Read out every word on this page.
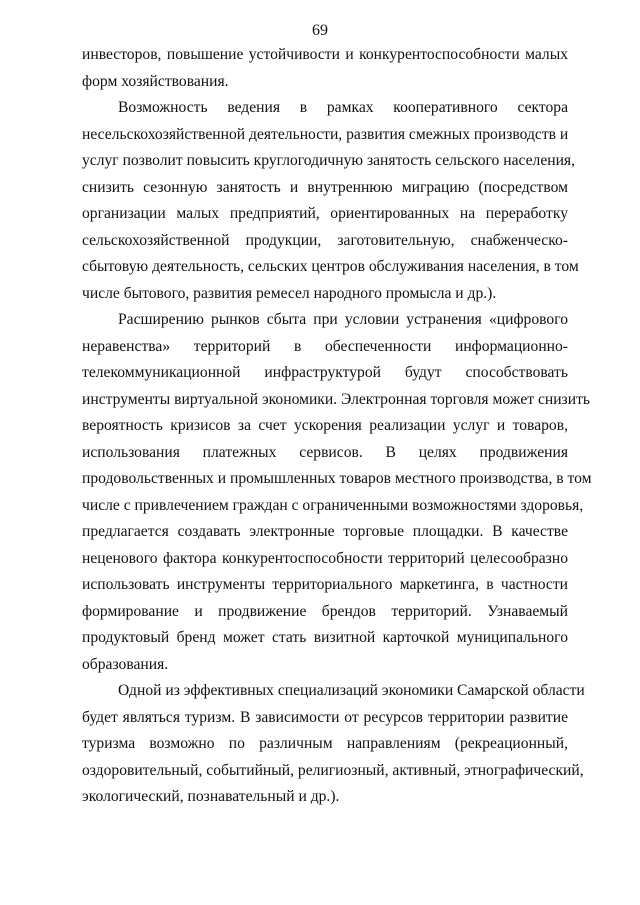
69
инвесторов, повышение устойчивости и конкурентоспособности малых
форм хозяйствования.
Возможность ведения в рамках кооперативного сектора
несельскохозяйственной деятельности, развития смежных производств и
услуг позволит повысить круглогодичную занятость сельского населения,
снизить сезонную занятость и внутреннюю миграцию (посредством
организации малых предприятий, ориентированных на переработку
сельскохозяйственной продукции, заготовительную, снабженческо-
сбытовую деятельность, сельских центров обслуживания населения, в том
числе бытового, развития ремесел народного промысла и др.).
Расширению рынков сбыта при условии устранения «цифрового
неравенства» территорий в обеспеченности информационно-
телекоммуникационной инфраструктурой будут способствовать
инструменты виртуальной экономики. Электронная торговля может снизить
вероятность кризисов за счет ускорения реализации услуг и товаров,
использования платежных сервисов. В целях продвижения
продовольственных и промышленных товаров местного производства, в том
числе с привлечением граждан с ограниченными возможностями здоровья,
предлагается создавать электронные торговые площадки. В качестве
неценового фактора конкурентоспособности территорий целесообразно
использовать инструменты территориального маркетинга, в частности
формирование и продвижение брендов территорий. Узнаваемый
продуктовый бренд может стать визитной карточкой муниципального
образования.
Одной из эффективных специализаций экономики Самарской области
будет являться туризм. В зависимости от ресурсов территории развитие
туризма возможно по различным направлениям (рекреационный,
оздоровительный, событийный, религиозный, активный, этнографический,
экологический, познавательный и др.).
